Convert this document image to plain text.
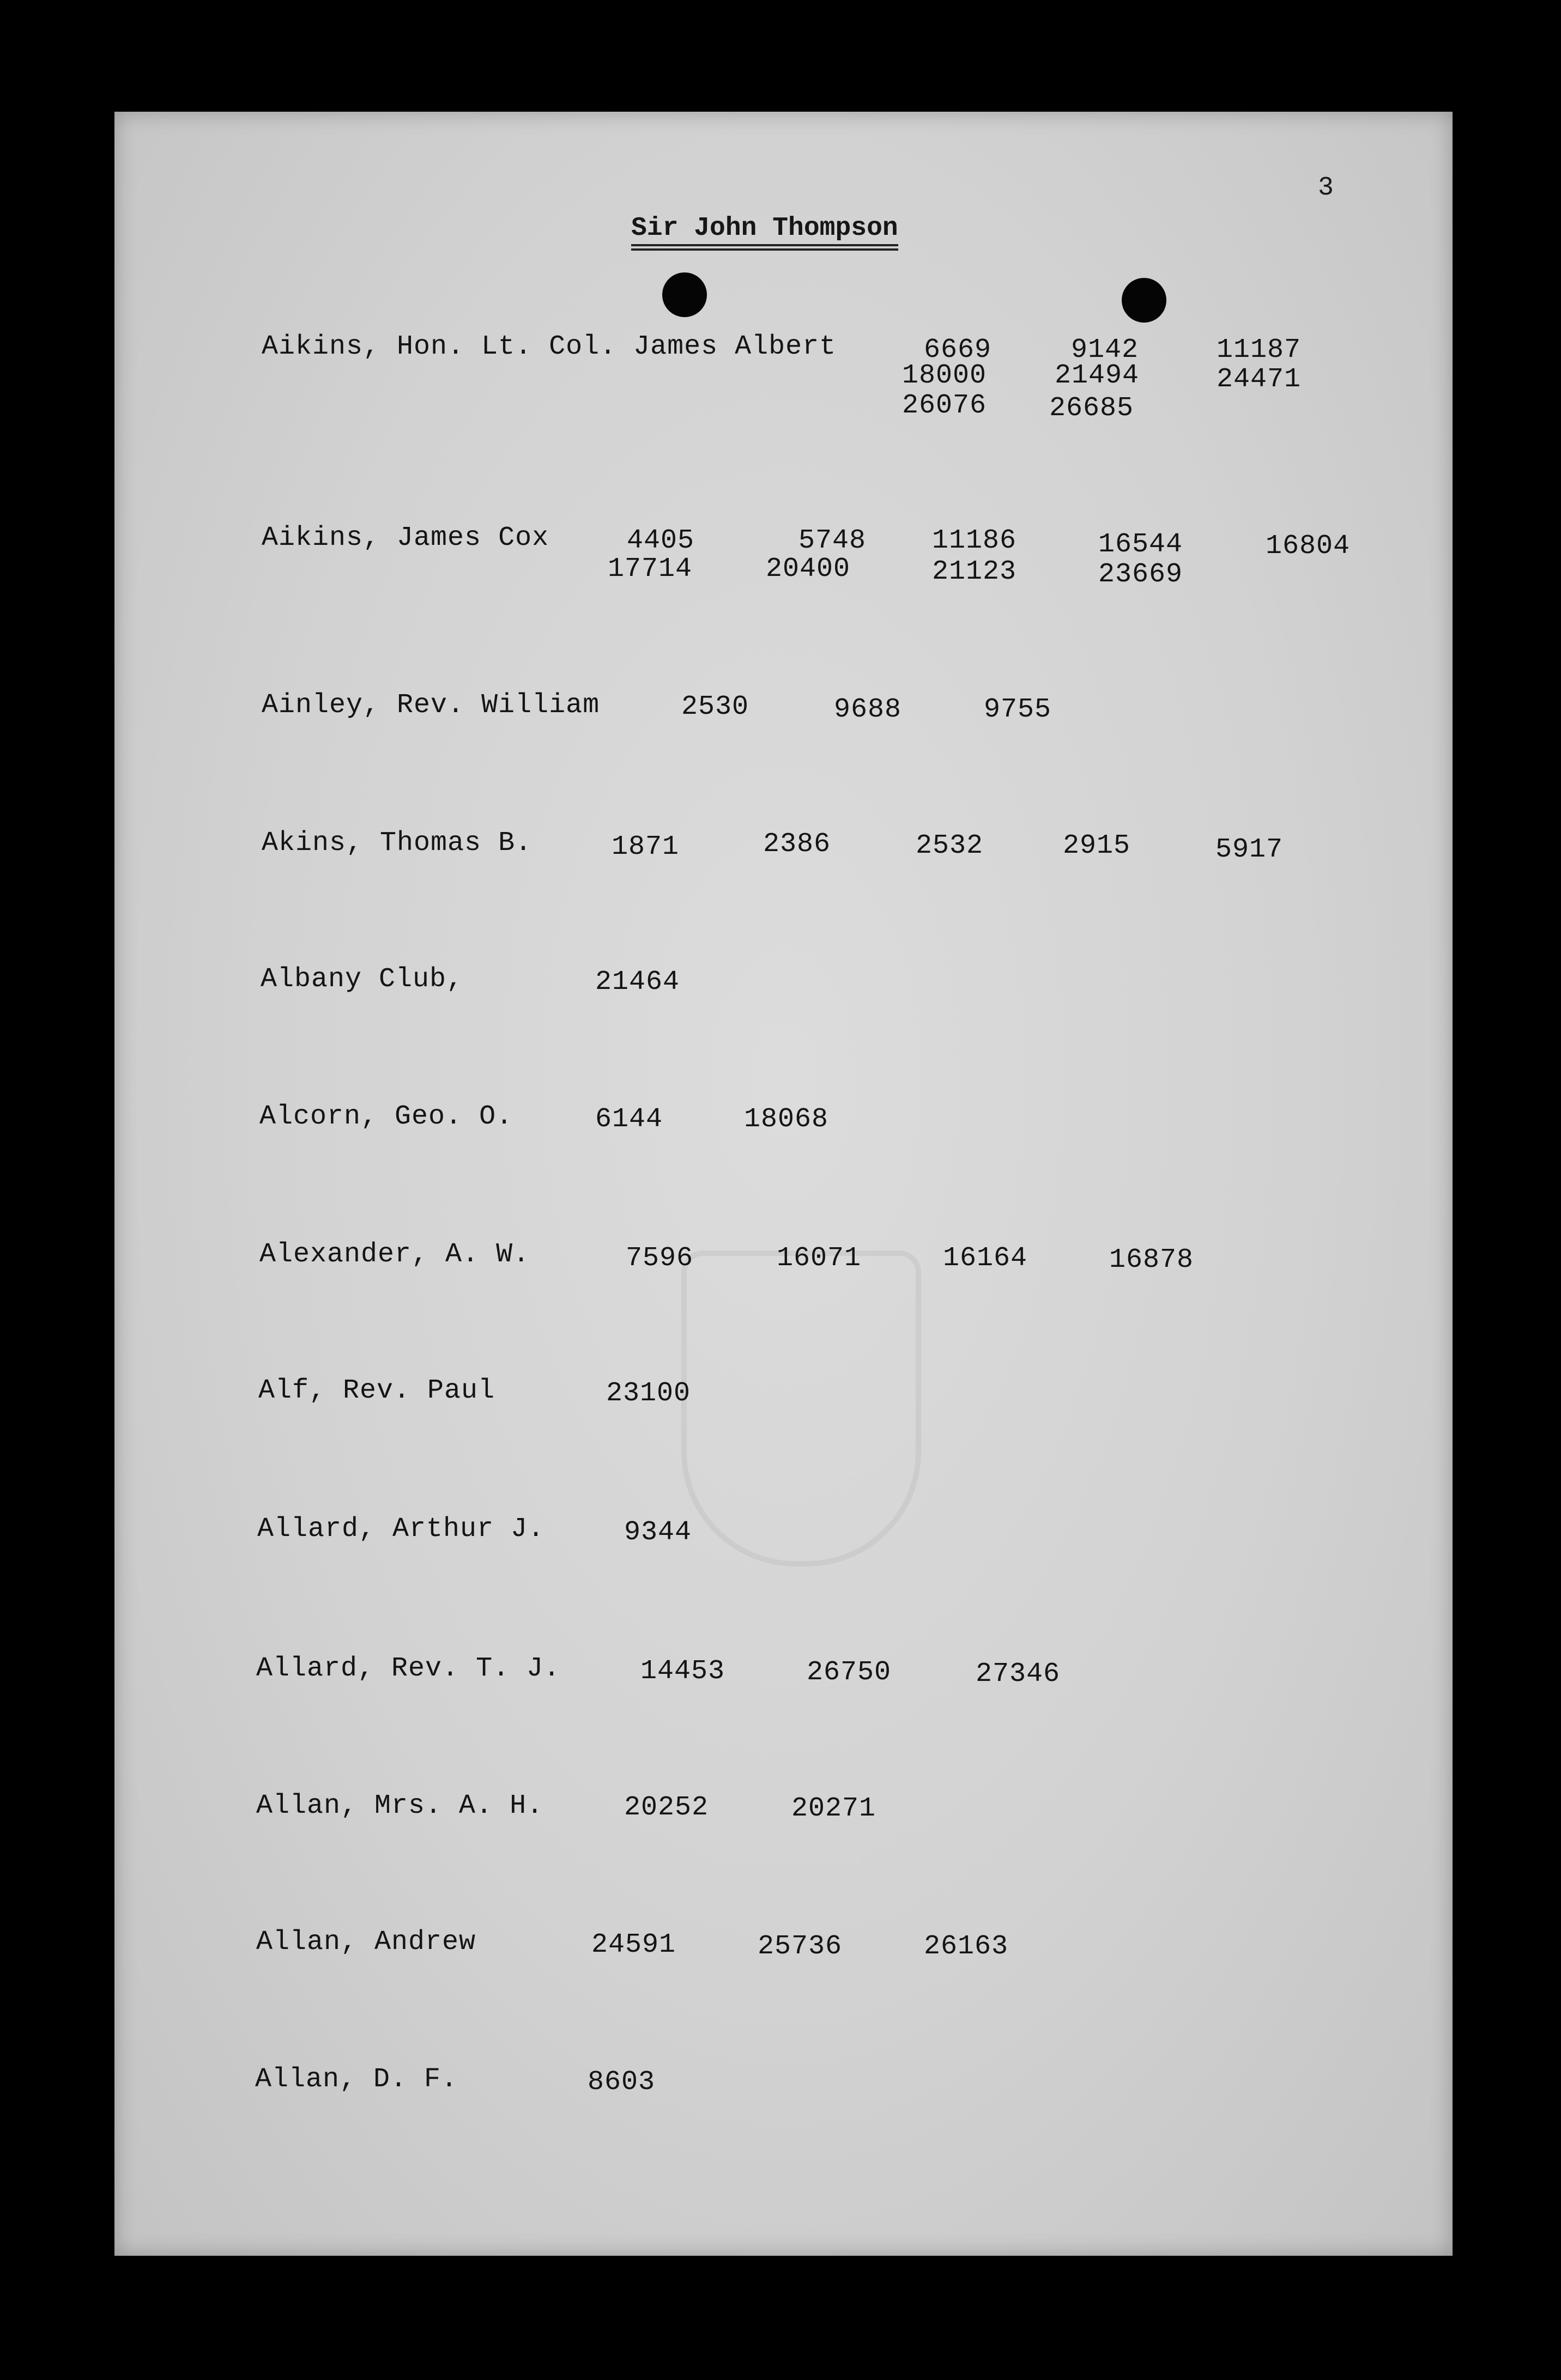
3
Sir John Thompson
Aikins, Hon. Lt. Col. James Albert	6669	9142	11187
18000 21494	24471
26076 26685
Aikins, James Cox	4405	5748 11186	16544	16804
17714	20400	21123	23669
Ainley, Rev. William	2530	9688	9755
Akins, Thomas B.	1871	2386	2532	2915	5917
Albany Club,	21464
Alcorn, Geo. O.	6144	18068
Alexander, A. W.	7596	16071	16164	16878
Alf, Rev. Paul	23100
Allard, Arthur J.	9344
Allard, Rev. T. J.	14453	26750	27346
Allan, Mrs. A. H.	20252	20271
Allan, Andrew	24591	25736	26163
Allan, D. F.	8603
